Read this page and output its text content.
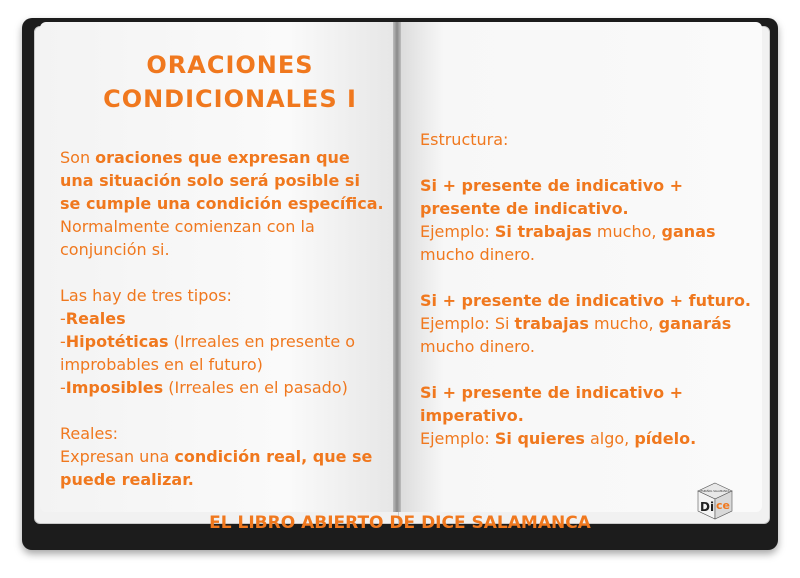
ORACIONES
CONDICIONALES I
Son oraciones que expresan que una situación solo será posible si se cumple una condición específica. Normalmente comienzan con la conjunción si.
Las hay de tres tipos:
-Reales
-Hipotéticas (Irreales en presente o improbables en el futuro)
-Imposibles (Irreales en el pasado)
Reales:
Expresan una condición real, que se puede realizar.
Estructura:
Si + presente de indicativo + presente de indicativo.
Ejemplo: Si trabajas mucho, ganas mucho dinero.
Si + presente de indicativo + futuro.
Ejemplo: Si trabajas mucho, ganarás mucho dinero.
Si + presente de indicativo + imperativo.
Ejemplo: Si quieres algo, pídelo.
ESPAÑOL SALAMANCA
Di ce
EL LIBRO ABIERTO DE DICE SALAMANCA
